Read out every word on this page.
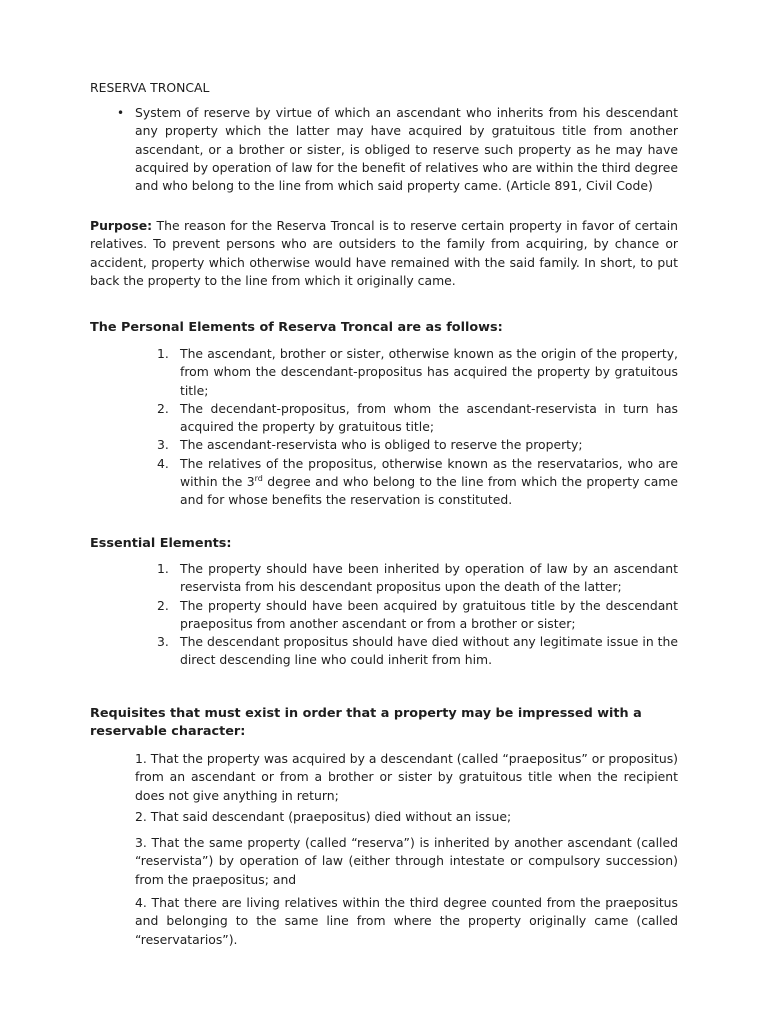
RESERVA TRONCAL
• System of reserve by virtue of which an ascendant who inherits from his descendant any property which the latter may have acquired by gratuitous title from another ascendant, or a brother or sister, is obliged to reserve such property as he may have acquired by operation of law for the benefit of relatives who are within the third degree and who belong to the line from which said property came. (Article 891, Civil Code)
Purpose: The reason for the Reserva Troncal is to reserve certain property in favor of certain relatives. To prevent persons who are outsiders to the family from acquiring, by chance or accident, property which otherwise would have remained with the said family. In short, to put back the property to the line from which it originally came.
The Personal Elements of Reserva Troncal are as follows:
1. The ascendant, brother or sister, otherwise known as the origin of the property, from whom the descendant-propositus has acquired the property by gratuitous title;
2. The decendant-propositus, from whom the ascendant-reservista in turn has acquired the property by gratuitous title;
3. The ascendant-reservista who is obliged to reserve the property;
4. The relatives of the propositus, otherwise known as the reservatarios, who are within the 3rd degree and who belong to the line from which the property came and for whose benefits the reservation is constituted.
Essential Elements:
1. The property should have been inherited by operation of law by an ascendant reservista from his descendant propositus upon the death of the latter;
2. The property should have been acquired by gratuitous title by the descendant praepositus from another ascendant or from a brother or sister;
3. The descendant propositus should have died without any legitimate issue in the direct descending line who could inherit from him.
Requisites that must exist in order that a property may be impressed with a reservable character:
1. That the property was acquired by a descendant (called “praepositus” or propositus) from an ascendant or from a brother or sister by gratuitous title when the recipient does not give anything in return;
2. That said descendant (praepositus) died without an issue;
3. That the same property (called “reserva”) is inherited by another ascendant (called “reservista”) by operation of law (either through intestate or compulsory succession) from the praepositus; and
4. That there are living relatives within the third degree counted from the praepositus and belonging to the same line from where the property originally came (called “reservatarios”).
